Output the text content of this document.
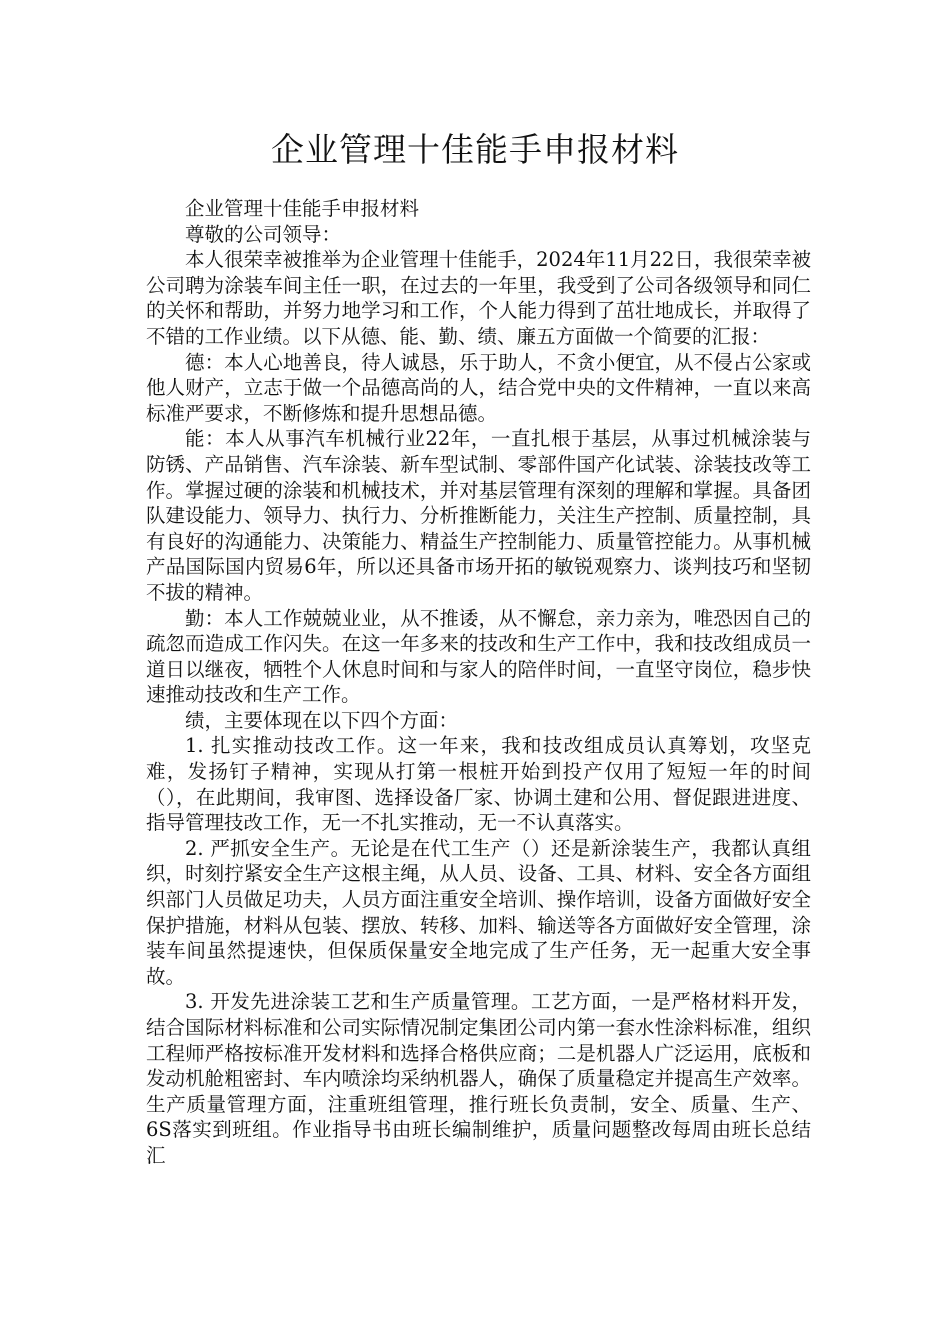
企业管理十佳能手申报材料

企业管理十佳能手申报材料

尊敬的公司领导：

本人很荣幸被推举为企业管理十佳能手，2024年11月22日，我很荣幸被公司聘为涂装车间主任一职，在过去的一年里，我受到了公司各级领导和同仁的关怀和帮助，并努力地学习和工作，个人能力得到了茁壮地成长，并取得了不错的工作业绩。以下从德、能、勤、绩、廉五方面做一个简要的汇报：

德：本人心地善良，待人诚恳，乐于助人，不贪小便宜，从不侵占公家或他人财产，立志于做一个品德高尚的人，结合党中央的文件精神，一直以来高标准严要求，不断修炼和提升思想品德。

能：本人从事汽车机械行业22年，一直扎根于基层，从事过机械涂装与防锈、产品销售、汽车涂装、新车型试制、零部件国产化试装、涂装技改等工作。掌握过硬的涂装和机械技术，并对基层管理有深刻的理解和掌握。具备团队建设能力、领导力、执行力、分析推断能力，关注生产控制、质量控制，具有良好的沟通能力、决策能力、精益生产控制能力、质量管控能力。从事机械产品国际国内贸易6年，所以还具备市场开拓的敏锐观察力、谈判技巧和坚韧不拔的精神。

勤：本人工作兢兢业业，从不推诿，从不懈怠，亲力亲为，唯恐因自己的疏忽而造成工作闪失。在这一年多来的技改和生产工作中，我和技改组成员一道日以继夜，牺牲个人休息时间和与家人的陪伴时间，一直坚守岗位，稳步快速推动技改和生产工作。

绩，主要体现在以下四个方面：

1. 扎实推动技改工作。这一年来，我和技改组成员认真筹划，攻坚克难，发扬钉子精神，实现从打第一根桩开始到投产仅用了短短一年的时间（），在此期间，我审图、选择设备厂家、协调土建和公用、督促跟进进度、指导管理技改工作，无一不扎实推动，无一不认真落实。

2. 严抓安全生产。无论是在代工生产（）还是新涂装生产，我都认真组织，时刻拧紧安全生产这根主绳，从人员、设备、工具、材料、安全各方面组织部门人员做足功夫，人员方面注重安全培训、操作培训，设备方面做好安全保护措施，材料从包装、摆放、转移、加料、输送等各方面做好安全管理，涂装车间虽然提速快，但保质保量安全地完成了生产任务，无一起重大安全事故。

3. 开发先进涂装工艺和生产质量管理。工艺方面，一是严格材料开发，结合国际材料标准和公司实际情况制定集团公司内第一套水性涂料标准，组织工程师严格按标准开发材料和选择合格供应商；二是机器人广泛运用，底板和发动机舱粗密封、车内喷涂均采纳机器人，确保了质量稳定并提高生产效率。生产质量管理方面，注重班组管理，推行班长负责制，安全、质量、生产、6S落实到班组。作业指导书由班长编制维护，质量问题整改每周由班长总结汇
